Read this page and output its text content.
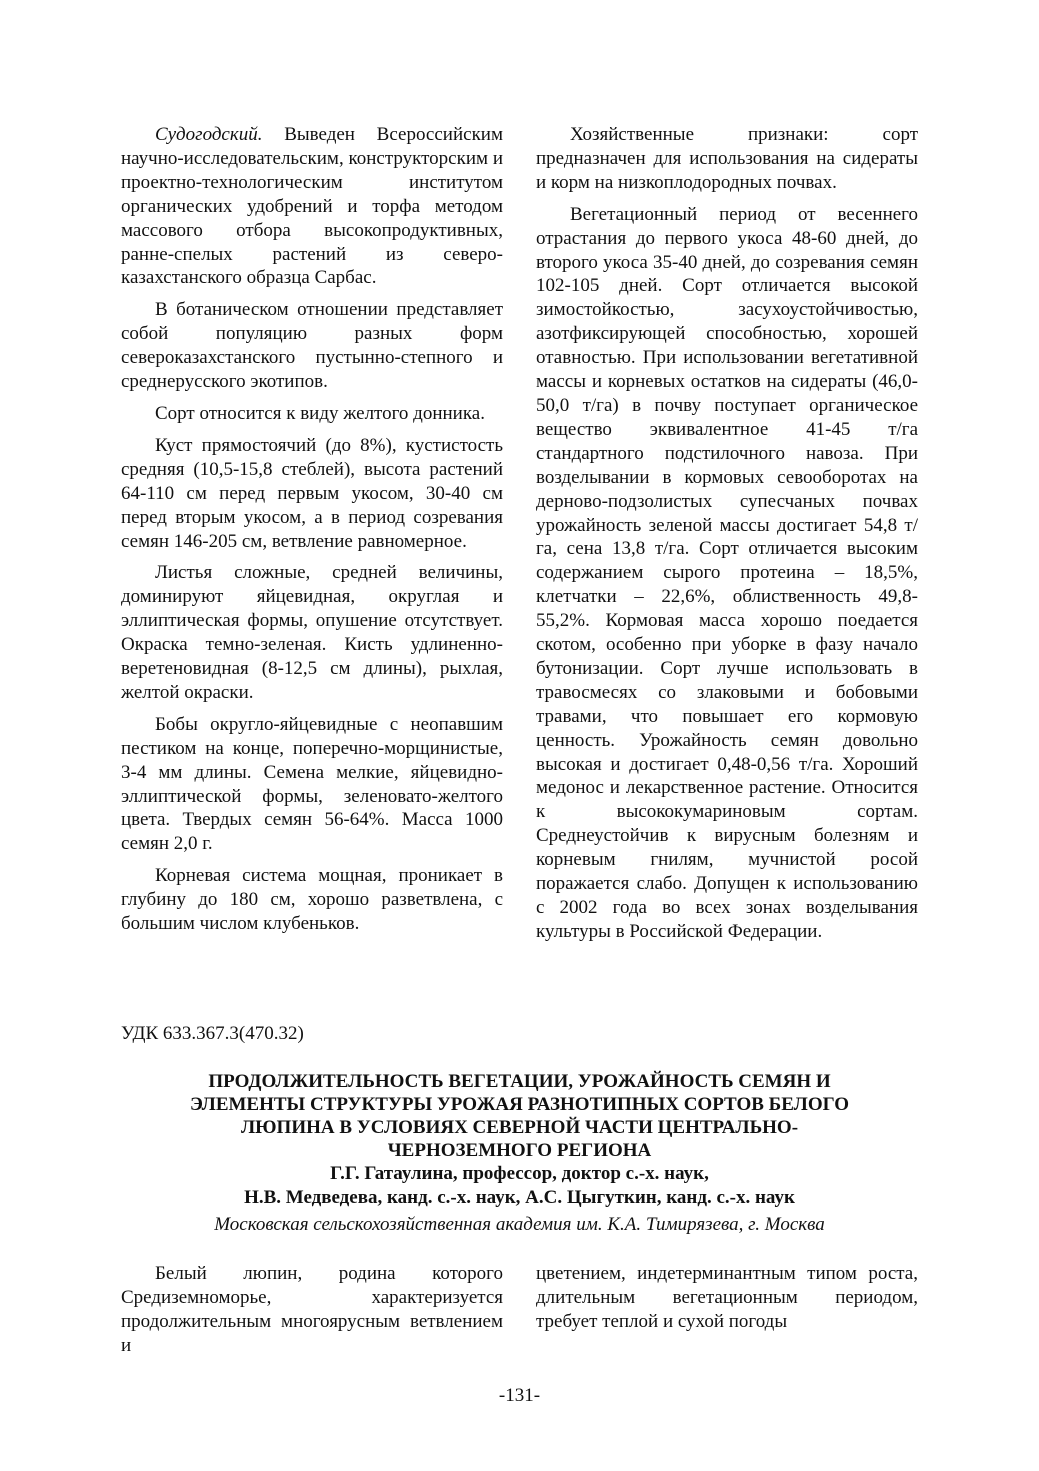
Судогодский. Выведен Всероссийским научно-исследовательским, конструкторским и проектно-технологическим институтом органических удобрений и торфа методом массового отбора высокопродуктивных, ранне-спелых растений из северо-казахстанского образца Сарбас.

В ботаническом отношении представляет собой популяцию разных форм североказахстанского пустынно-степного и среднерусского экотипов.

Сорт относится к виду желтого донника.

Куст прямостоячий (до 8%), кустистость средняя (10,5-15,8 стеблей), высота растений 64-110 см перед первым укосом, 30-40 см перед вторым укосом, а в период созревания семян 146-205 см, ветвление равномерное.

Листья сложные, средней величины, доминируют яйцевидная, округлая и эллиптическая формы, опушение отсутствует. Окраска темно-зеленая. Кисть удлиненно-веретеновидная (8-12,5 см длины), рыхлая, желтой окраски.

Бобы округло-яйцевидные с неопавшим пестиком на конце, поперечно-морщинистые, 3-4 мм длины. Семена мелкие, яйцевидно-эллиптической формы, зеленовато-желтого цвета. Твердых семян 56-64%. Масса 1000 семян 2,0 г.

Корневая система мощная, проникает в глубину до 180 см, хорошо разветвлена, с большим числом клубеньков.

Хозяйственные признаки: сорт предназначен для использования на сидераты и корм на низкоплодородных почвах.

Вегетационный период от весеннего отрастания до первого укоса 48-60 дней, до второго укоса 35-40 дней, до созревания семян 102-105 дней. Сорт отличается высокой зимостойкостью, засухоустойчивостью, азотфиксирующей способностью, хорошей отавностью. При использовании вегетативной массы и корневых остатков на сидераты (46,0-50,0 т/га) в почву поступает органическое вещество эквивалентное 41-45 т/га стандартного подстилочного навоза. При возделывании в кормовых севооборотах на дерново-подзолистых супесчаных почвах урожайность зеленой массы достигает 54,8 т/га, сена 13,8 т/га. Сорт отличается высоким содержанием сырого протеина – 18,5%, клетчатки – 22,6%, облиственность 49,8-55,2%. Кормовая масса хорошо поедается скотом, особенно при уборке в фазу начало бутонизации. Сорт лучше использовать в травосмесях со злаковыми и бобовыми травами, что повышает его кормовую ценность. Урожайность семян довольно высокая и достигает 0,48-0,56 т/га. Хороший медонос и лекарственное растение. Относится к высококумариновым сортам. Среднеустойчив к вирусным болезням и корневым гнилям, мучнистой росой поражается слабо. Допущен к использованию с 2002 года во всех зонах возделывания культуры в Российской Федерации.

УДК 633.367.3(470.32)
ПРОДОЛЖИТЕЛЬНОСТЬ ВЕГЕТАЦИИ, УРОЖАЙНОСТЬ СЕМЯН И
ЭЛЕМЕНТЫ СТРУКТУРЫ УРОЖАЯ РАЗНОТИПНЫХ СОРТОВ БЕЛОГО
ЛЮПИНА В УСЛОВИЯХ СЕВЕРНОЙ ЧАСТИ ЦЕНТРАЛЬНО-
ЧЕРНОЗЕМНОГО РЕГИОНА
Г.Г. Гатаулина, профессор, доктор с.-х. наук,
Н.В. Медведева, канд. с.-х. наук, А.С. Цыгуткин, канд. с.-х. наук
Московская сельскохозяйственная академия им. К.А. Тимирязева, г. Москва

Белый люпин, родина которого Средиземноморье, характеризуется продолжительным многоярусным ветвлением и

цветением, индетерминантным типом роста, длительным вегетационным периодом, требует теплой и сухой погоды

-131-
